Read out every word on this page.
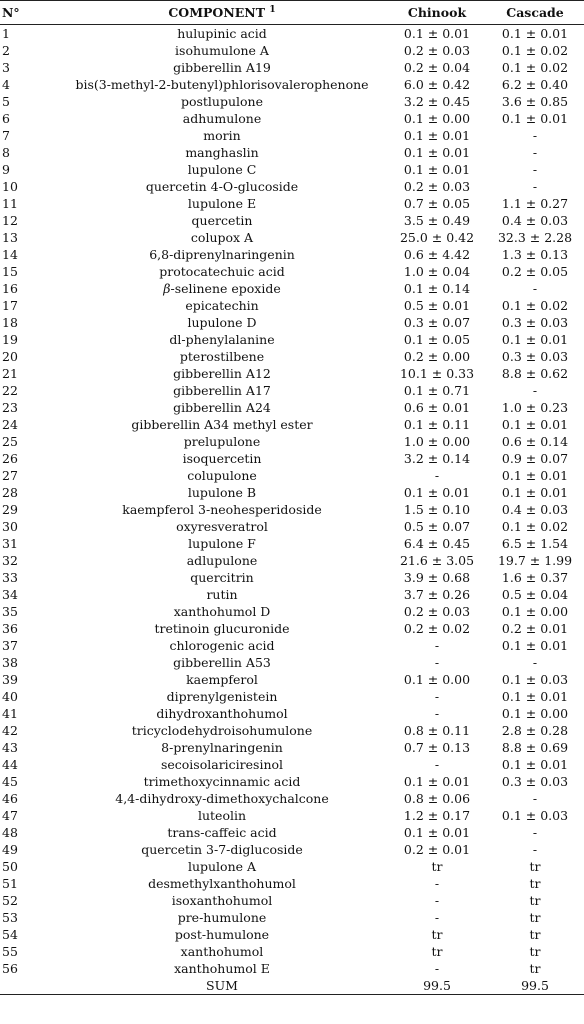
N°	COMPONENT $^1$	Chinook	Cascade
1	hulupinic acid	0.1 ± 0.01	0.1 ± 0.01
2	isohumulone A	0.2 ± 0.03	0.1 ± 0.02
3	gibberellin A19	0.2 ± 0.04	0.1 ± 0.02
4	bis(3-methyl-2-butenyl)phlorisovalerophenone	6.0 ± 0.42	6.2 ± 0.40
5	postlupulone	3.2 ± 0.45	3.6 ± 0.85
6	adhumulone	0.1 ± 0.00	0.1 ± 0.01
7	morin	0.1 ± 0.01	-
8	manghaslin	0.1 ± 0.01	-
9	lupulone C	0.1 ± 0.01	-
10	quercetin 4-O-glucoside	0.2 ± 0.03	-
11	lupulone E	0.7 ± 0.05	1.1 ± 0.27
12	quercetin	3.5 ± 0.49	0.4 ± 0.03
13	colupox A	25.0 ± 0.42	32.3 ± 2.28
14	6,8-diprenylnaringenin	0.6 ± 4.42	1.3 ± 0.13
15	protocatechuic acid	1.0 ± 0.04	0.2 ± 0.05
16	β-selinene epoxide	0.1 ± 0.14	-
17	epicatechin	0.5 ± 0.01	0.1 ± 0.02
18	lupulone D	0.3 ± 0.07	0.3 ± 0.03
19	dl-phenylalanine	0.1 ± 0.05	0.1 ± 0.01
20	pterostilbene	0.2 ± 0.00	0.3 ± 0.03
21	gibberellin A12	10.1 ± 0.33	8.8 ± 0.62
22	gibberellin A17	0.1 ± 0.71	-
23	gibberellin A24	0.6 ± 0.01	1.0 ± 0.23
24	gibberellin A34 methyl ester	0.1 ± 0.11	0.1 ± 0.01
25	prelupulone	1.0 ± 0.00	0.6 ± 0.14
26	isoquercetin	3.2 ± 0.14	0.9 ± 0.07
27	colupulone	-	0.1 ± 0.01
28	lupulone B	0.1 ± 0.01	0.1 ± 0.01
29	kaempferol 3-neohesperidoside	1.5 ± 0.10	0.4 ± 0.03
30	oxyresveratrol	0.5 ± 0.07	0.1 ± 0.02
31	lupulone F	6.4 ± 0.45	6.5 ± 1.54
32	adlupulone	21.6 ± 3.05	19.7 ± 1.99
33	quercitrin	3.9 ± 0.68	1.6 ± 0.37
34	rutin	3.7 ± 0.26	0.5 ± 0.04
35	xanthohumol D	0.2 ± 0.03	0.1 ± 0.00
36	tretinoin glucuronide	0.2 ± 0.02	0.2 ± 0.01
37	chlorogenic acid	-	0.1 ± 0.01
38	gibberellin A53	-	-
39	kaempferol	0.1 ± 0.00	0.1 ± 0.03
40	diprenylgenistein	-	0.1 ± 0.01
41	dihydroxanthohumol	-	0.1 ± 0.00
42	tricyclodehydroisohumulone	0.8 ± 0.11	2.8 ± 0.28
43	8-prenylnaringenin	0.7 ± 0.13	8.8 ± 0.69
44	secoisolariciresinol	-	0.1 ± 0.01
45	trimethoxycinnamic acid	0.1 ± 0.01	0.3 ± 0.03
46	4,4-dihydroxy-dimethoxychalcone	0.8 ± 0.06	-
47	luteolin	1.2 ± 0.17	0.1 ± 0.03
48	trans-caffeic acid	0.1 ± 0.01	-
49	quercetin 3-7-diglucoside	0.2 ± 0.01	-
50	lupulone A	tr	tr
51	desmethylxanthohumol	-	tr
52	isoxanthohumol	-	tr
53	pre-humulone	-	tr
54	post-humulone	tr	tr
55	xanthohumol	tr	tr
56	xanthohumol E	-	tr
	SUM	99.5	99.5
